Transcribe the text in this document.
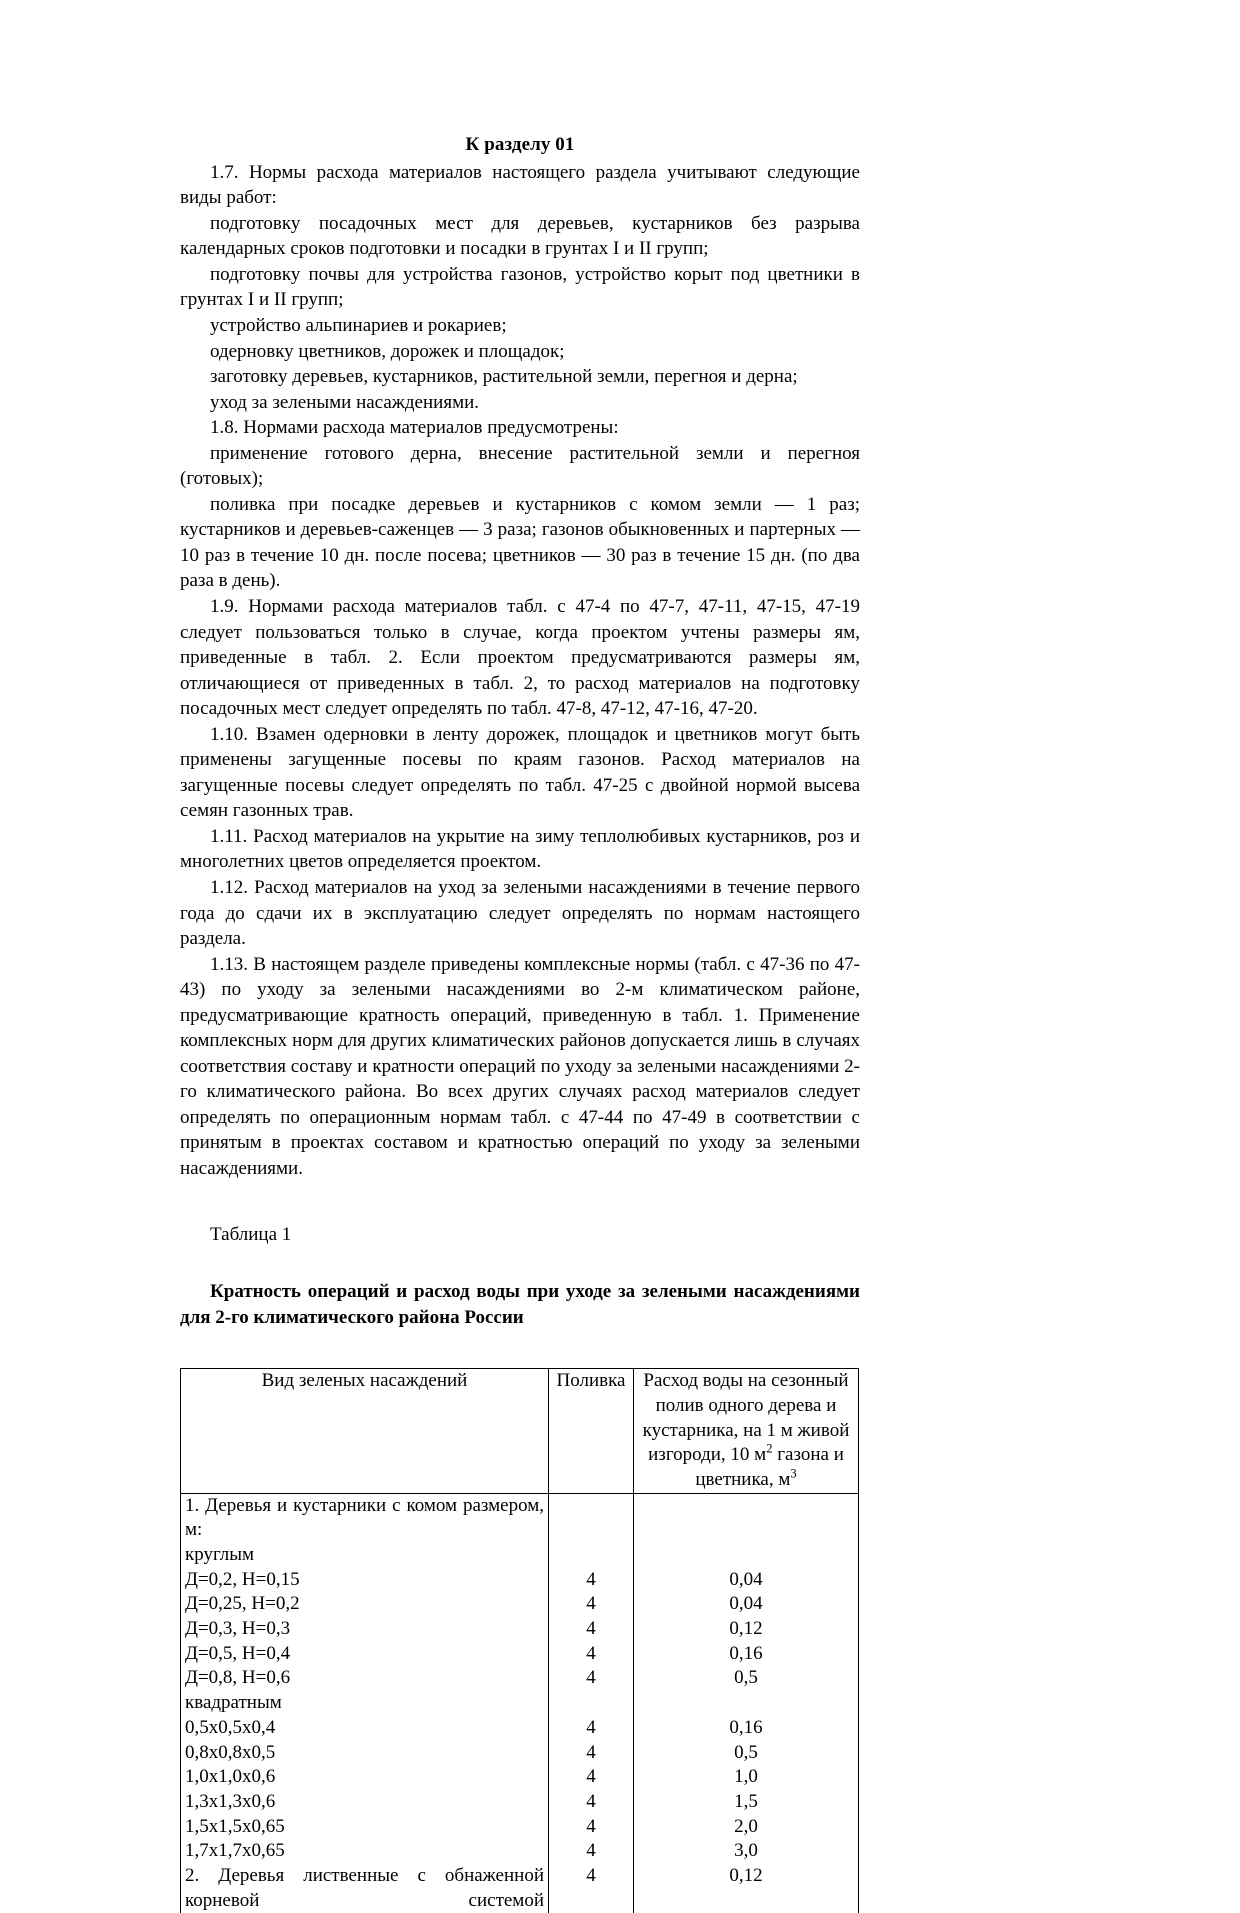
К разделу 01

1.7. Нормы расхода материалов настоящего раздела учитывают следующие виды работ:

подготовку посадочных мест для деревьев, кустарников без разрыва календарных сроков подготовки и посадки в грунтах I и II групп;

подготовку почвы для устройства газонов, устройство корыт под цветники в грунтах I и II групп;

устройство альпинариев и рокариев;

одерновку цветников, дорожек и площадок;

заготовку деревьев, кустарников, растительной земли, перегноя и дерна;

уход за зелеными насаждениями.

1.8. Нормами расхода материалов предусмотрены:

применение готового дерна, внесение растительной земли и перегноя (готовых);

поливка при посадке деревьев и кустарников с комом земли — 1 раз; кустарников и деревьев-саженцев — 3 раза; газонов обыкновенных и партерных — 10 раз в течение 10 дн. после посева; цветников — 30 раз в течение 15 дн. (по два раза в день).

1.9. Нормами расхода материалов табл. с 47-4 по 47-7, 47-11, 47-15, 47-19 следует пользоваться только в случае, когда проектом учтены размеры ям, приведенные в табл. 2. Если проектом предусматриваются размеры ям, отличающиеся от приведенных в табл. 2, то расход материалов на подготовку посадочных мест следует определять по табл. 47-8, 47-12, 47-16, 47-20.

1.10. Взамен одерновки в ленту дорожек, площадок и цветников могут быть применены загущенные посевы по краям газонов. Расход материалов на загущенные посевы следует определять по табл. 47-25 с двойной нормой высева семян газонных трав.

1.11. Расход материалов на укрытие на зиму теплолюбивых кустарников, роз и многолетних цветов определяется проектом.

1.12. Расход материалов на уход за зелеными насаждениями в течение первого года до сдачи их в эксплуатацию следует определять по нормам настоящего раздела.

1.13. В настоящем разделе приведены комплексные нормы (табл. с 47-36 по 47-43) по уходу за зелеными насаждениями во 2-м климатическом районе, предусматривающие кратность операций, приведенную в табл. 1. Применение комплексных норм для других климатических районов допускается лишь в случаях соответствия составу и кратности операций по уходу за зелеными насаждениями 2-го климатического района. Во всех других случаях расход материалов следует определять по операционным нормам табл. с 47-44 по 47-49 в соответствии с принятым в проектах составом и кратностью операций по уходу за зелеными насаждениями.

Таблица 1

Кратность операций и расход воды при уходе за зелеными насаждениями для 2-го климатического района России

Вид зеленых насаждений	Поливка	Расход воды на сезонный
полив одного дерева и
кустарника, на 1 м живой
изгороди, 10 $м^2$ газона и
цветника, $м^3$
1. Деревья и кустарники с комом размером, м:		
круглым		
Д=0,2, Н=0,15	4	0,04
Д=0,25, Н=0,2	4	0,04
Д=0,3, Н=0,3	4	0,12
Д=0,5, Н=0,4	4	0,16
Д=0,8, Н=0,6	4	0,5
квадратным		
0,5х0,5х0,4	4	0,16
0,8х0,8х0,5	4	0,5
1,0х1,0х0,6	4	1,0
1,3х1,3х0,6	4	1,5
1,5х1,5х0,65	4	2,0
1,7х1,7х0,65	4	3,0
2. Деревья лиственные с обнаженной корневой системой	4	0,12
